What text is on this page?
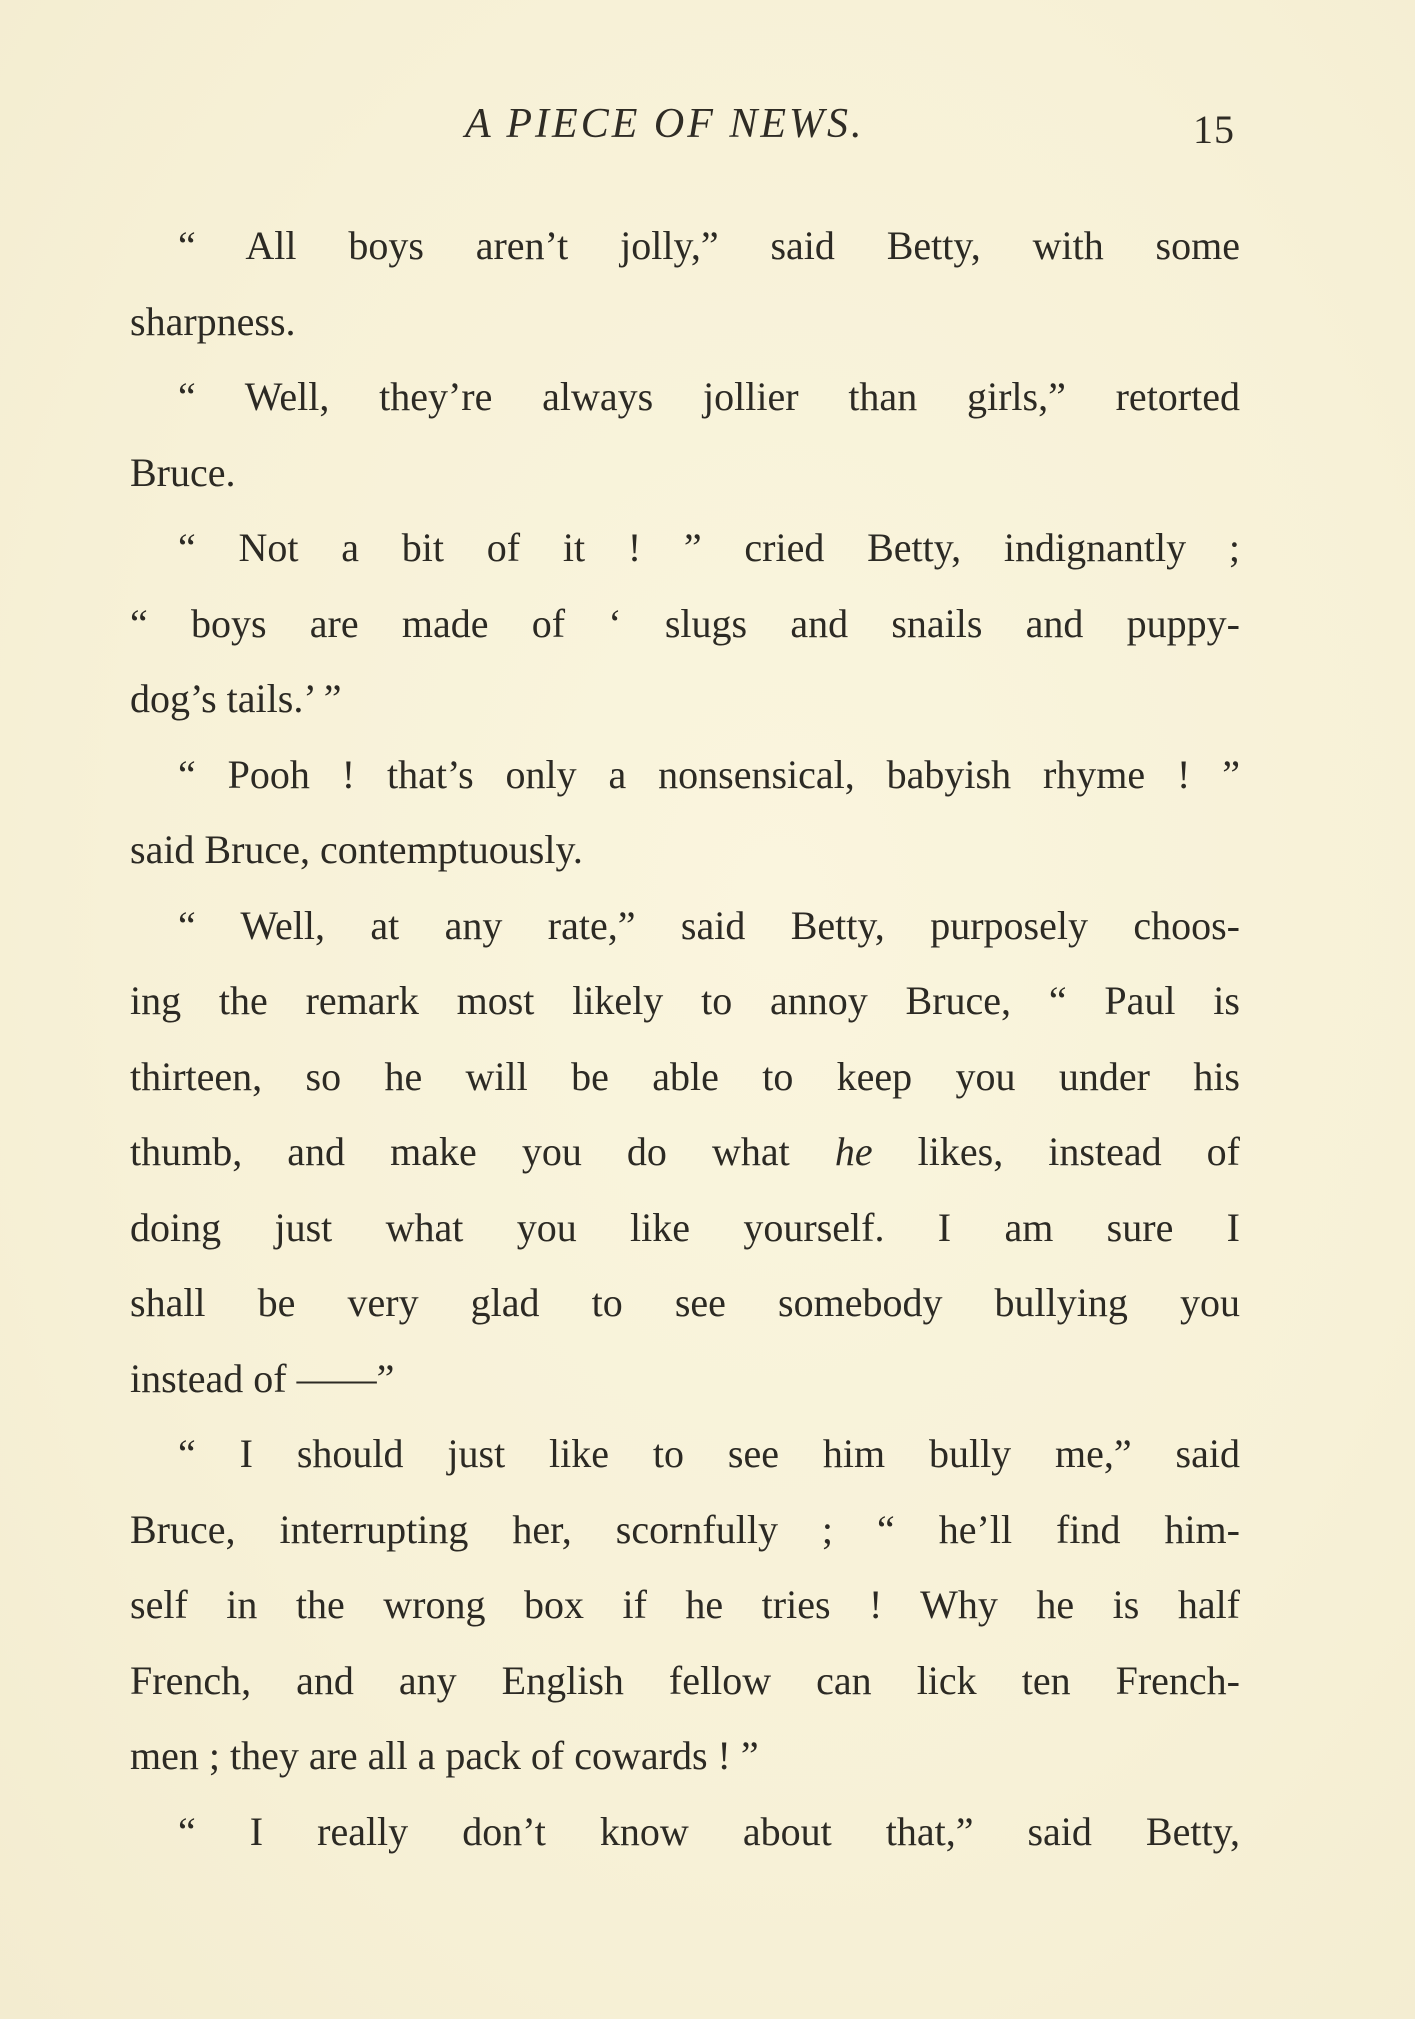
A PIECE OF NEWS.	15
“ All boys aren’t jolly,” said Betty, with some
sharpness.
“ Well, they’re always jollier than girls,” retorted
Bruce.
“ Not a bit of it ! ” cried Betty, indignantly ;
“ boys are made of ‘ slugs and snails and puppy-
dog’s tails.’ ”
“ Pooh ! that’s only a nonsensical, babyish rhyme ! ”
said Bruce, contemptuously.
“ Well, at any rate,” said Betty, purposely choos-
ing the remark most likely to annoy Bruce, “ Paul is
thirteen, so he will be able to keep you under his
thumb, and make you do what he likes, instead of
doing just what you like yourself. I am sure I
shall be very glad to see somebody bullying you
instead of ——”
“ I should just like to see him bully me,” said
Bruce, interrupting her, scornfully ; “ he’ll find him-
self in the wrong box if he tries ! Why he is half
French, and any English fellow can lick ten French-
men ; they are all a pack of cowards ! ”
“ I really don’t know about that,” said Betty,
